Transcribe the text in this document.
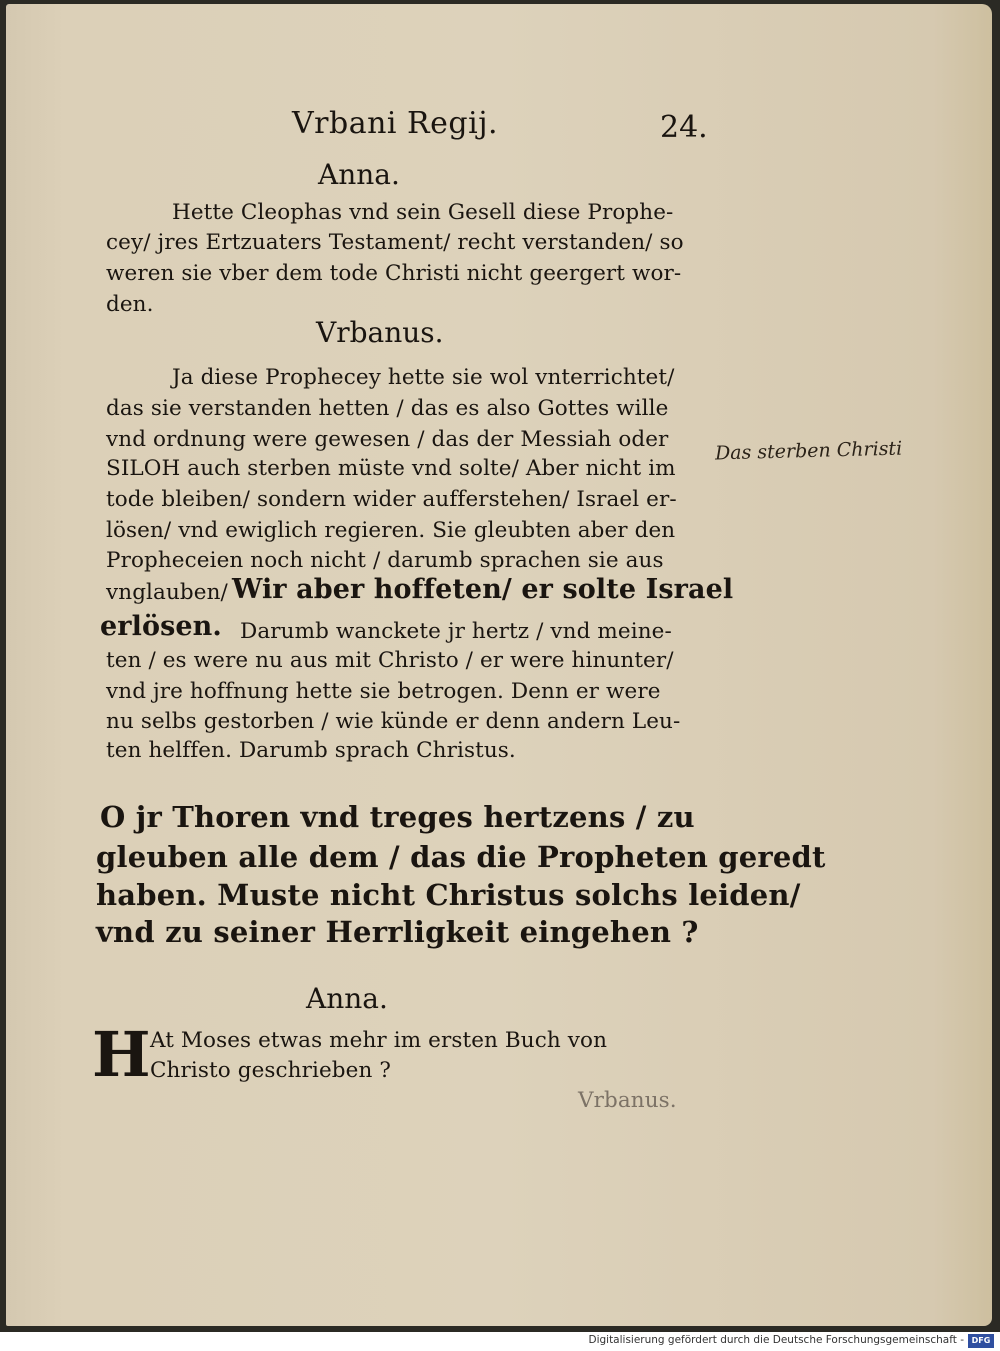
Vrbani Regij.	24.
Anna.
Hette Cleophas vnd sein Gesell diese Prophe-
cey/ jres Ertzuaters Testament/ recht verstanden/ so
weren sie vber dem tode Christi nicht geergert wor-
den.
Vrbanus.
Ja diese Prophecey hette sie wol vnterrichtet/
das sie verstanden hetten / das es also Gottes wille
vnd ordnung were gewesen / das der Messiah oder
SILOH auch sterben müste vnd solte/ Aber nicht im
tode bleiben/ sondern wider aufferstehen/ Israel er-
lösen/ vnd ewiglich regieren. Sie gleubten aber den
Propheceien noch nicht / darumb sprachen sie aus
vnglauben/ Wir aber hoffeten/ er solte Israel
erlösen. Darumb wanckete jr hertz / vnd meine-
ten / es were nu aus mit Christo / er were hinunter/
vnd jre hoffnung hette sie betrogen. Denn er were
nu selbs gestorben / wie künde er denn andern Leu-
ten helffen. Darumb sprach Christus.
Das sterben Christi
O jr Thoren vnd treges hertzens / zu
gleuben alle dem / das die Propheten geredt
haben. Muste nicht Christus solchs leiden/
vnd zu seiner Herrligkeit eingehen ?
Anna.
H At Moses etwas mehr im ersten Buch von
Christo geschrieben ?
Vrbanus.
Digitalisierung gefördert durch die Deutsche Forschungsgemeinschaft - DFG
